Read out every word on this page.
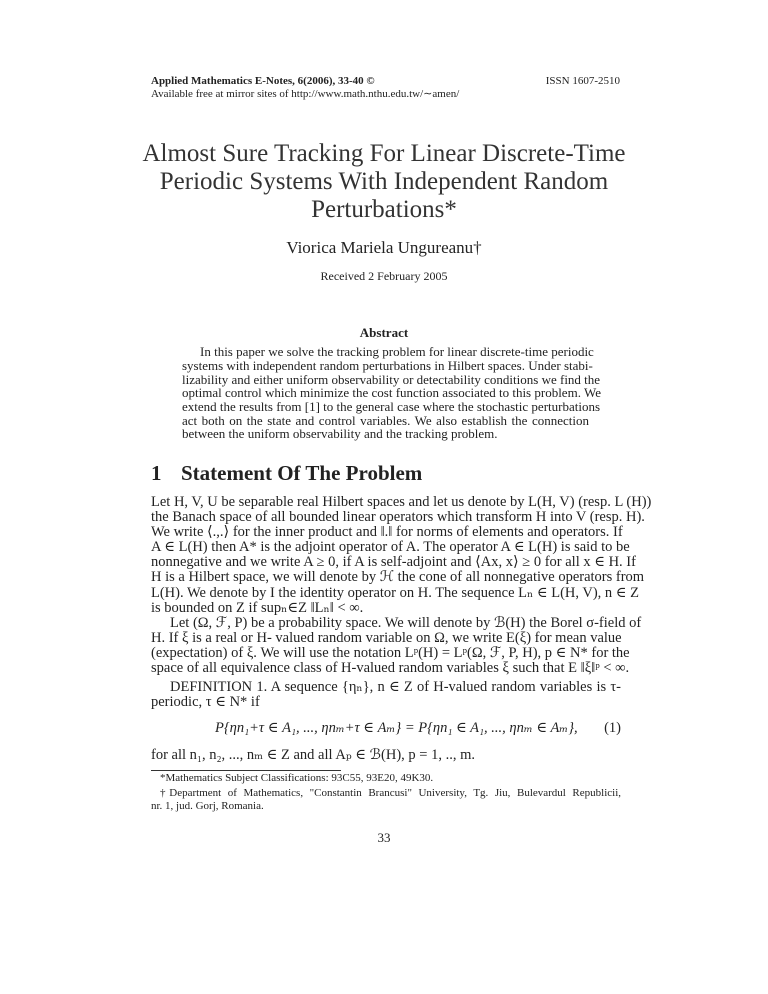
Applied Mathematics E-Notes, 6(2006), 33-40 ©
Available free at mirror sites of http://www.math.nthu.edu.tw/∼amen/
ISSN 1607-2510
Almost Sure Tracking For Linear Discrete-Time
Periodic Systems With Independent Random
Perturbations*
Viorica Mariela Ungureanu†
Received 2 February 2005
Abstract
In this paper we solve the tracking problem for linear discrete-time periodic
systems with independent random perturbations in Hilbert spaces. Under stabi-
lizability and either uniform observability or detectability conditions we find the
optimal control which minimize the cost function associated to this problem. We
extend the results from [1] to the general case where the stochastic perturbations
act both on the state and control variables. We also establish the connection
between the uniform observability and the tracking problem.
1 Statement Of The Problem
Let H, V, U be separable real Hilbert spaces and let us denote by L(H, V) (resp. L (H))
the Banach space of all bounded linear operators which transform H into V (resp. H).
We write ⟨.,.⟩ for the inner product and ‖.‖ for norms of elements and operators. If
A ∈ L(H) then A* is the adjoint operator of A. The operator A ∈ L(H) is said to be
nonnegative and we write A ≥ 0, if A is self-adjoint and ⟨Ax, x⟩ ≥ 0 for all x ∈ H. If
H is a Hilbert space, we will denote by ℋ the cone of all nonnegative operators from
L(H). We denote by I the identity operator on H. The sequence Lₙ ∈ L(H, V), n ∈ Z
is bounded on Z if supₙ∈Z ‖Lₙ‖ < ∞.
Let (Ω, ℱ, P) be a probability space. We will denote by ℬ(H) the Borel σ-field of
H. If ξ is a real or H- valued random variable on Ω, we write E(ξ) for mean value
(expectation) of ξ. We will use the notation Lᵖ(H) = Lᵖ(Ω, ℱ, P, H), p ∈ N* for the
space of all equivalence class of H-valued random variables ξ such that E ‖ξ‖ᵖ < ∞.
DEFINITION 1. A sequence {ηₙ}, n ∈ Z of H-valued random variables is τ-
periodic, τ ∈ N* if
P{ηn₁+τ ∈ A₁, ..., ηnₘ+τ ∈ Aₘ} = P{ηn₁ ∈ A₁, ..., ηnₘ ∈ Aₘ}, (1)
for all n₁, n₂, ..., nₘ ∈ Z and all Aₚ ∈ ℬ(H), p = 1, .., m.
*Mathematics Subject Classifications: 93C55, 93E20, 49K30.
†Department of Mathematics, "Constantin Brancusi" University, Tg. Jiu, Bulevardul Republicii,
nr. 1, jud. Gorj, Romania.
33
